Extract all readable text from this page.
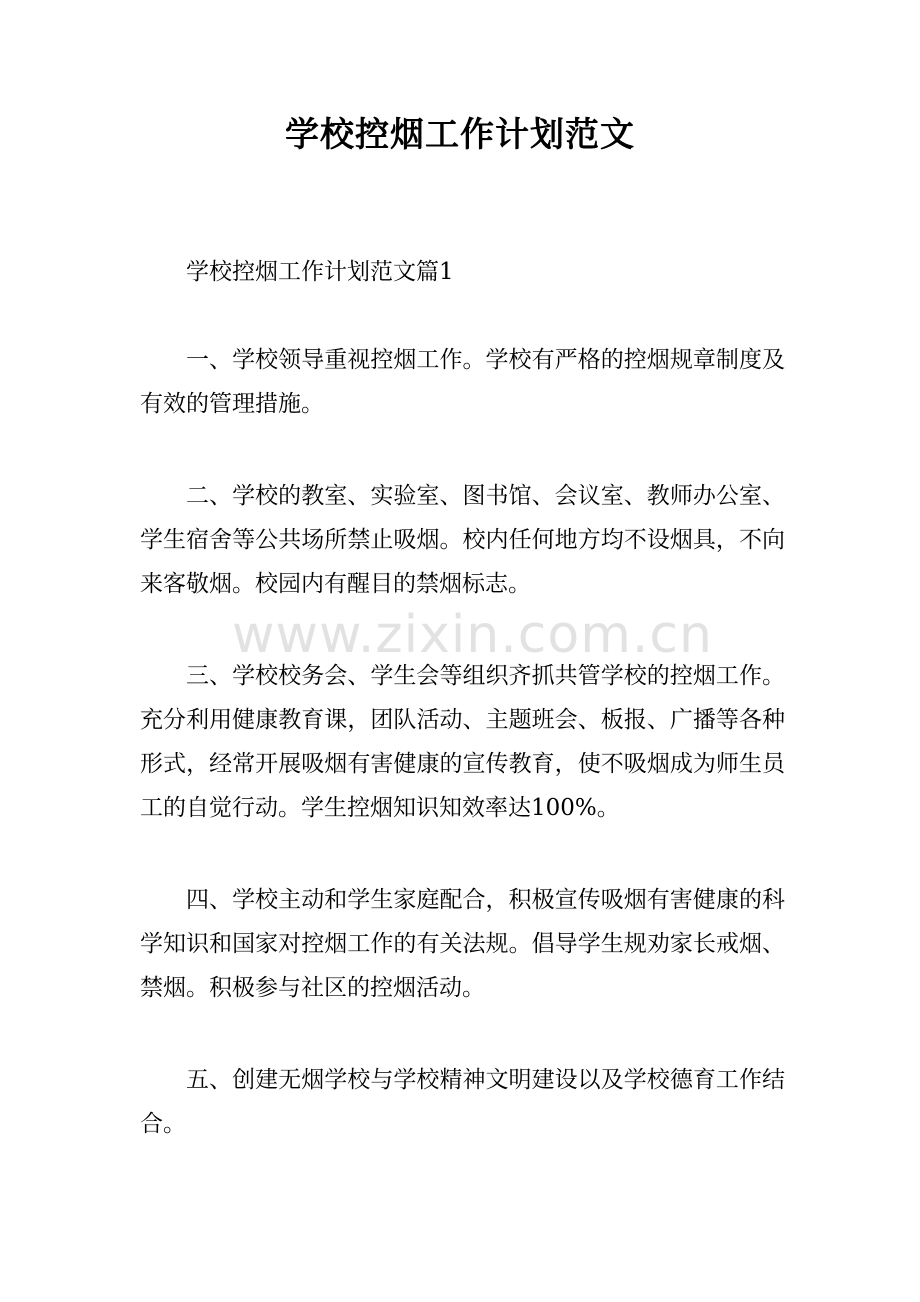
学校控烟工作计划范文

学校控烟工作计划范文篇1

一、学校领导重视控烟工作。学校有严格的控烟规章制度及有效的管理措施。

二、学校的教室、实验室、图书馆、会议室、教师办公室、学生宿舍等公共场所禁止吸烟。校内任何地方均不设烟具，不向来客敬烟。校园内有醒目的禁烟标志。

三、学校校务会、学生会等组织齐抓共管学校的控烟工作。充分利用健康教育课，团队活动、主题班会、板报、广播等各种形式，经常开展吸烟有害健康的宣传教育，使不吸烟成为师生员工的自觉行动。学生控烟知识知效率达100%。

四、学校主动和学生家庭配合，积极宣传吸烟有害健康的科学知识和国家对控烟工作的有关法规。倡导学生规劝家长戒烟、禁烟。积极参与社区的控烟活动。

五、创建无烟学校与学校精神文明建设以及学校德育工作结合。

www.zixin.com.cn
